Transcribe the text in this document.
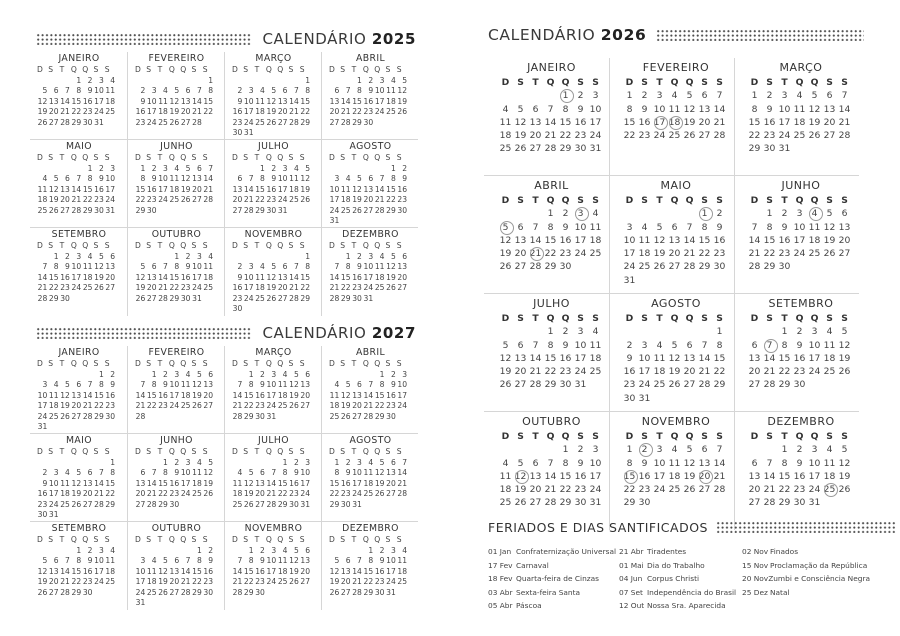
CALENDÁRIO 2025
JANEIRO
D S T Q Q S S
1 2 3 4
5 6 7 8 9 10 11
12 13 14 15 16 17 18
19 20 21 22 23 24 25
26 27 28 29 30 31
FEVEREIRO
D S T Q Q S S
1
2 3 4 5 6 7 8
9 10 11 12 13 14 15
16 17 18 19 20 21 22
23 24 25 26 27 28
MARÇO
D S T Q Q S S
1
2 3 4 5 6 7 8
9 10 11 12 13 14 15
16 17 18 19 20 21 22
23 24 25 26 27 28 29
30 31
ABRIL
D S T Q Q S S
1 2 3 4 5
6 7 8 9 10 11 12
13 14 15 16 17 18 19
20 21 22 23 24 25 26
27 28 29 30
MAIO
D S T Q Q S S
1 2 3
4 5 6 7 8 9 10
11 12 13 14 15 16 17
18 19 20 21 22 23 24
25 26 27 28 29 30 31
JUNHO
D S T Q Q S S
1 2 3 4 5 6 7
8 9 10 11 12 13 14
15 16 17 18 19 20 21
22 23 24 25 26 27 28
29 30
JULHO
D S T Q Q S S
1 2 3 4 5
6 7 8 9 10 11 12
13 14 15 16 17 18 19
20 21 22 23 24 25 26
27 28 29 30 31
AGOSTO
D S T Q Q S S
1 2
3 4 5 6 7 8 9
10 11 12 13 14 15 16
17 18 19 20 21 22 23
24 25 26 27 28 29 30
31
SETEMBRO
D S T Q Q S S
1 2 3 4 5 6
7 8 9 10 11 12 13
14 15 16 17 18 19 20
21 22 23 24 25 26 27
28 29 30
OUTUBRO
D S T Q Q S S
1 2 3 4
5 6 7 8 9 10 11
12 13 14 15 16 17 18
19 20 21 22 23 24 25
26 27 28 29 30 31
NOVEMBRO
D S T Q Q S S
1
2 3 4 5 6 7 8
9 10 11 12 13 14 15
16 17 18 19 20 21 22
23 24 25 26 27 28 29
30
DEZEMBRO
D S T Q Q S S
1 2 3 4 5 6
7 8 9 10 11 12 13
14 15 16 17 18 19 20
21 22 23 24 25 26 27
28 29 30 31
CALENDÁRIO 2027
JANEIRO
D S T Q Q S S
1 2
3 4 5 6 7 8 9
10 11 12 13 14 15 16
17 18 19 20 21 22 23
24 25 26 27 28 29 30
31
FEVEREIRO
D S T Q Q S S
1 2 3 4 5 6
7 8 9 10 11 12 13
14 15 16 17 18 19 20
21 22 23 24 25 26 27
28
MARÇO
D S T Q Q S S
1 2 3 4 5 6
7 8 9 10 11 12 13
14 15 16 17 18 19 20
21 22 23 24 25 26 27
28 29 30 31
ABRIL
D S T Q Q S S
1 2 3
4 5 6 7 8 9 10
11 12 13 14 15 16 17
18 19 20 21 22 23 24
25 26 27 28 29 30
MAIO
D S T Q Q S S
1
2 3 4 5 6 7 8
9 10 11 12 13 14 15
16 17 18 19 20 21 22
23 24 25 26 27 28 29
30 31
JUNHO
D S T Q Q S S
1 2 3 4 5
6 7 8 9 10 11 12
13 14 15 16 17 18 19
20 21 22 23 24 25 26
27 28 29 30
JULHO
D S T Q Q S S
1 2 3
4 5 6 7 8 9 10
11 12 13 14 15 16 17
18 19 20 21 22 23 24
25 26 27 28 29 30 31
AGOSTO
D S T Q Q S S
1 2 3 4 5 6 7
8 9 10 11 12 13 14
15 16 17 18 19 20 21
22 23 24 25 26 27 28
29 30 31
SETEMBRO
D S T Q Q S S
1 2 3 4
5 6 7 8 9 10 11
12 13 14 15 16 17 18
19 20 21 22 23 24 25
26 27 28 29 30
OUTUBRO
D S T Q Q S S
1 2
3 4 5 6 7 8 9
10 11 12 13 14 15 16
17 18 19 20 21 22 23
24 25 26 27 28 29 30
31
NOVEMBRO
D S T Q Q S S
1 2 3 4 5 6
7 8 9 10 11 12 13
14 15 16 17 18 19 20
21 22 23 24 25 26 27
28 29 30
DEZEMBRO
D S T Q Q S S
1 2 3 4
5 6 7 8 9 10 11
12 13 14 15 16 17 18
19 20 21 22 23 24 25
26 27 28 29 30 31
CALENDÁRIO 2026
JANEIRO
D S T Q Q S S
1 2 3
4 5 6 7 8 9 10
11 12 13 14 15 16 17
18 19 20 21 22 23 24
25 26 27 28 29 30 31
FEVEREIRO
D S T Q Q S S
1 2 3 4 5 6 7
8 9 10 11 12 13 14
15 16 17 18 19 20 21
22 23 24 25 26 27 28
MARÇO
D S T Q Q S S
1 2 3 4 5 6 7
8 9 10 11 12 13 14
15 16 17 18 19 20 21
22 23 24 25 26 27 28
29 30 31
ABRIL
D S T Q Q S S
1 2 3 4
5 6 7 8 9 10 11
12 13 14 15 16 17 18
19 20 21 22 23 24 25
26 27 28 29 30
MAIO
D S T Q Q S S
1 2
3 4 5 6 7 8 9
10 11 12 13 14 15 16
17 18 19 20 21 22 23
24 25 26 27 28 29 30
31
JUNHO
D S T Q Q S S
1 2 3 4 5 6
7 8 9 10 11 12 13
14 15 16 17 18 19 20
21 22 23 24 25 26 27
28 29 30
JULHO
D S T Q Q S S
1 2 3 4
5 6 7 8 9 10 11
12 13 14 15 16 17 18
19 20 21 22 23 24 25
26 27 28 29 30 31
AGOSTO
D S T Q Q S S
1
2 3 4 5 6 7 8
9 10 11 12 13 14 15
16 17 18 19 20 21 22
23 24 25 26 27 28 29
30 31
SETEMBRO
D S T Q Q S S
1 2 3 4 5
6 7 8 9 10 11 12
13 14 15 16 17 18 19
20 21 22 23 24 25 26
27 28 29 30
OUTUBRO
D S T Q Q S S
1 2 3
4 5 6 7 8 9 10
11 12 13 14 15 16 17
18 19 20 21 22 23 24
25 26 27 28 29 30 31
NOVEMBRO
D S T Q Q S S
1 2 3 4 5 6 7
8 9 10 11 12 13 14
15 16 17 18 19 20 21
22 23 24 25 26 27 28
29 30
DEZEMBRO
D S T Q Q S S
1 2 3 4 5
6 7 8 9 10 11 12
13 14 15 16 17 18 19
20 21 22 23 24 25 26
27 28 29 30 31
FERIADOS E DIAS SANTIFICADOS
01 Jan Confraternização Universal
17 Fev Carnaval
18 Fev Quarta-feira de Cinzas
03 Abr Sexta-feira Santa
05 Abr Páscoa
21 Abr Tiradentes
01 Mai Dia do Trabalho
04 Jun Corpus Christi
07 Set Independência do Brasil
12 Out Nossa Sra. Aparecida
02 Nov Finados
15 Nov Proclamação da República
20 Nov Zumbi e Consciência Negra
25 Dez Natal
